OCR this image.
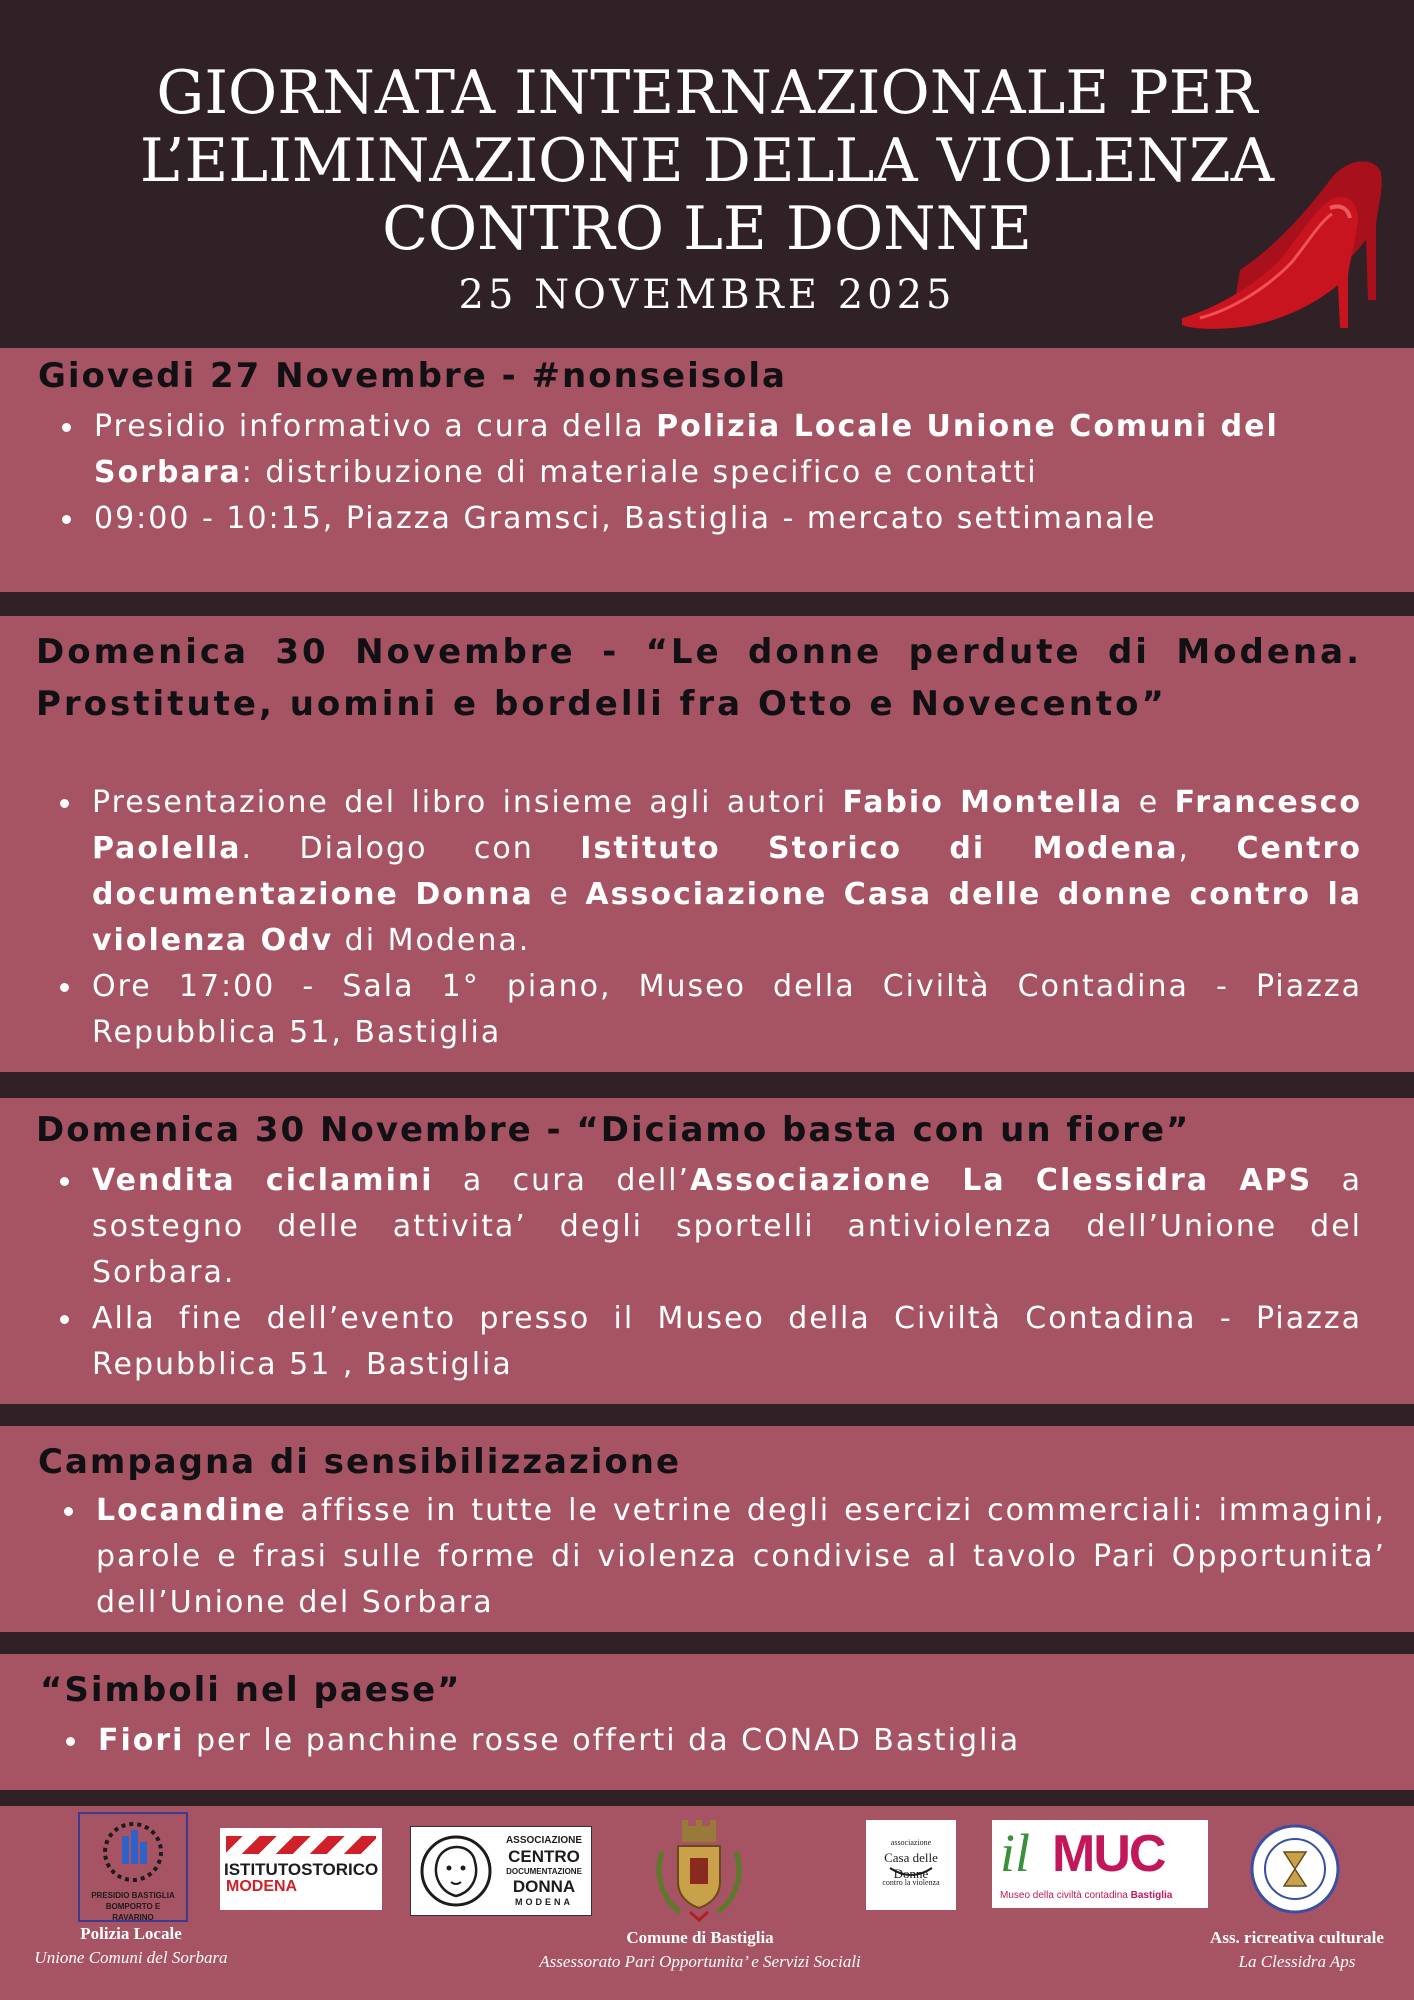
GIORNATA INTERNAZIONALE PER
L’ELIMINAZIONE DELLA VIOLENZA
CONTRO LE DONNE
25 NOVEMBRE 2025
Giovedi 27 Novembre - #nonseisola
Presidio informativo a cura della Polizia Locale Unione Comuni del Sorbara: distribuzione di materiale specifico e contatti
09:00 - 10:15, Piazza Gramsci, Bastiglia - mercato settimanale
Domenica 30 Novembre - “Le donne perdute di Modena. Prostitute, uomini e bordelli fra Otto e Novecento”
Presentazione del libro insieme agli autori Fabio Montella e Francesco Paolella. Dialogo con Istituto Storico di Modena, Centro documentazione Donna e Associazione Casa delle donne contro la violenza Odv di Modena.
Ore 17:00 - Sala 1° piano, Museo della Civiltà Contadina - Piazza Repubblica 51, Bastiglia
Domenica 30 Novembre - “Diciamo basta con un fiore”
Vendita ciclamini a cura dell’Associazione La Clessidra APS a sostegno delle attivita’ degli sportelli antiviolenza dell’Unione del Sorbara.
Alla fine dell’evento presso il Museo della Civiltà Contadina - Piazza Repubblica 51 , Bastiglia
Campagna di sensibilizzazione
Locandine affisse in tutte le vetrine degli esercizi commerciali: immagini, parole e frasi sulle forme di violenza condivise al tavolo Pari Opportunita’ dell’Unione del Sorbara
“Simboli nel paese”
Fiori per le panchine rosse offerti da CONAD Bastiglia
PRESIDIO BASTIGLIA BOMPORTO E RAVARINO
Polizia Locale
Unione Comuni del Sorbara
ISTITUTOSTORICO
MODENA
ASSOCIAZIONE
CENTRO
DOCUMENTAZIONE
DONNA
MODENA
Comune di Bastiglia
Assessorato Pari Opportunita’ e Servizi Sociali
associazione
Casa delle Donne
contro la violenza	il MUC
Museo della civiltà contadina Bastiglia
Ass. ricreativa culturale
La Clessidra Aps
